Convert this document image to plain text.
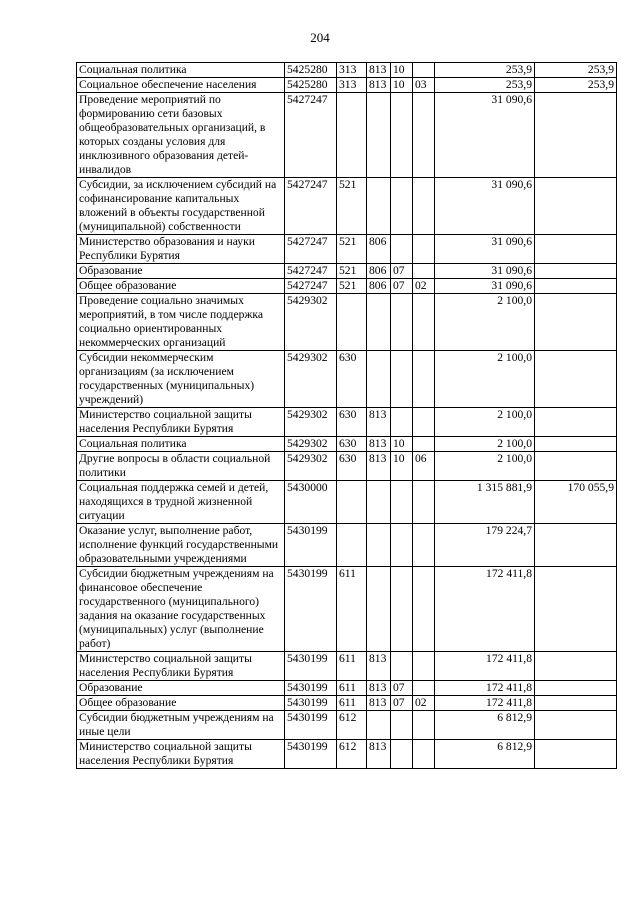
204
Социальная политика	5425280	313	813	10		253,9	253,9
Социальное обеспечение населения	5425280	313	813	10	03	253,9	253,9
Проведение мероприятий по формированию сети базовых общеобразовательных организаций, в которых созданы условия для инклюзивного образования детей-инвалидов	5427247					31 090,6	
Субсидии, за исключением субсидий на софинансирование капитальных вложений в объекты государственной (муниципальной) собственности	5427247	521				31 090,6	
Министерство образования и науки Республики Бурятия	5427247	521	806			31 090,6	
Образование	5427247	521	806	07		31 090,6	
Общее образование	5427247	521	806	07	02	31 090,6	
Проведение социально значимых мероприятий, в том числе поддержка социально ориентированных некоммерческих организаций	5429302					2 100,0	
Субсидии некоммерческим организациям (за исключением государственных (муниципальных) учреждений)	5429302	630				2 100,0	
Министерство социальной защиты населения Республики Бурятия	5429302	630	813			2 100,0	
Социальная политика	5429302	630	813	10		2 100,0	
Другие вопросы в области социальной политики	5429302	630	813	10	06	2 100,0	
Социальная поддержка семей и детей, находящихся в трудной жизненной ситуации	5430000					1 315 881,9	170 055,9
Оказание услуг, выполнение работ, исполнение функций государственными образовательными учреждениями	5430199					179 224,7	
Субсидии бюджетным учреждениям на финансовое обеспечение государственного (муниципального) задания на оказание государственных (муниципальных) услуг (выполнение работ)	5430199	611				172 411,8	
Министерство социальной защиты населения Республики Бурятия	5430199	611	813			172 411,8	
Образование	5430199	611	813	07		172 411,8	
Общее образование	5430199	611	813	07	02	172 411,8	
Субсидии бюджетным учреждениям на иные цели	5430199	612				6 812,9	
Министерство социальной защиты населения Республики Бурятия	5430199	612	813			6 812,9	
